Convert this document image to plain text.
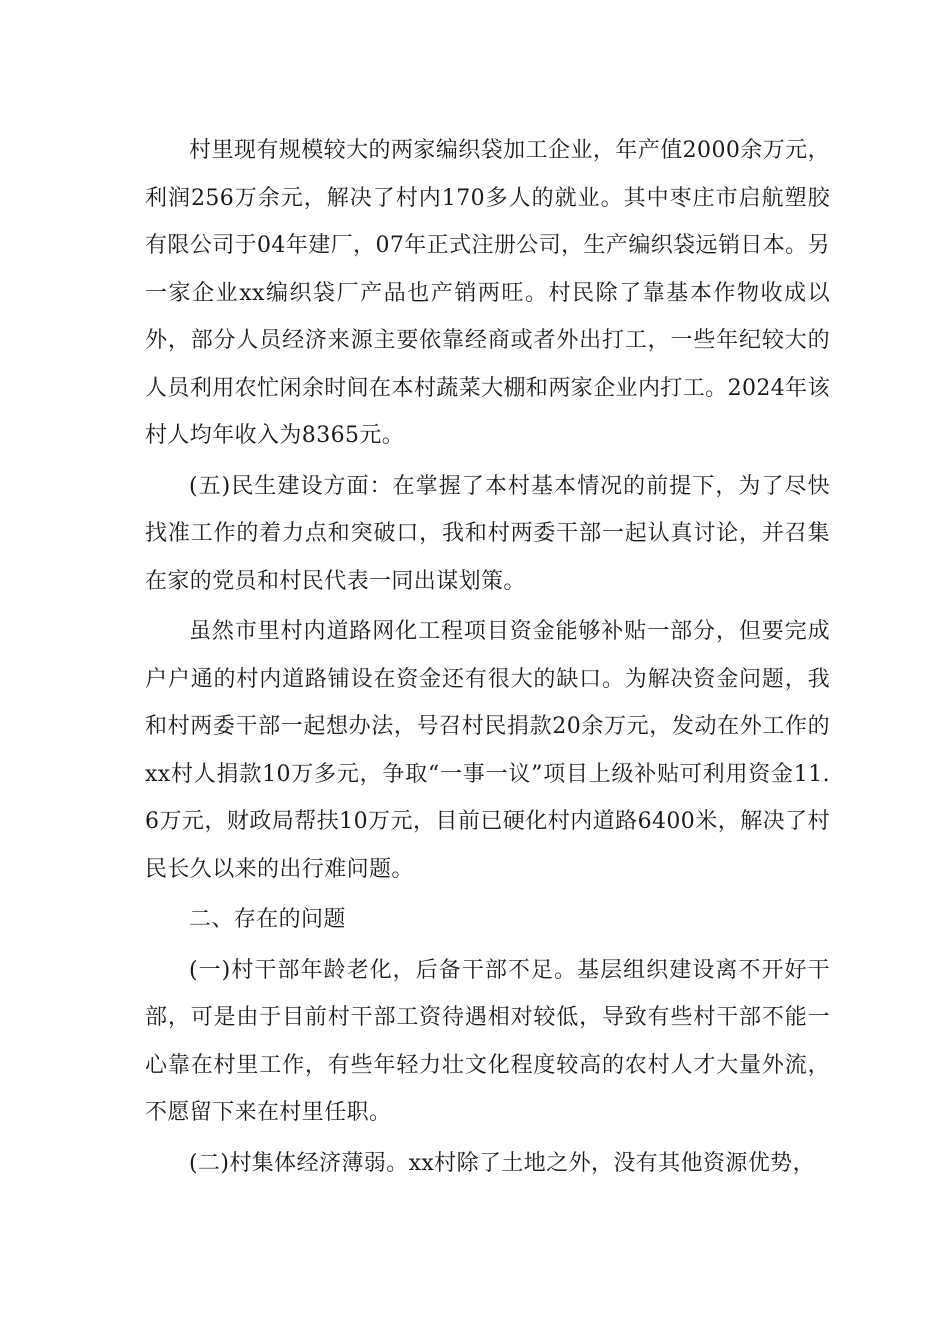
村里现有规模较大的两家编织袋加工企业，年产值2000余万元，利润256万余元，解决了村内170多人的就业。其中枣庄市启航塑胶有限公司于04年建厂，07年正式注册公司，生产编织袋远销日本。另一家企业xx编织袋厂产品也产销两旺。村民除了靠基本作物收成以外，部分人员经济来源主要依靠经商或者外出打工，一些年纪较大的人员利用农忙闲余时间在本村蔬菜大棚和两家企业内打工。2024年该村人均年收入为8365元。

(五)民生建设方面：在掌握了本村基本情况的前提下，为了尽快找准工作的着力点和突破口，我和村两委干部一起认真讨论，并召集在家的党员和村民代表一同出谋划策。

虽然市里村内道路网化工程项目资金能够补贴一部分，但要完成户户通的村内道路铺设在资金还有很大的缺口。为解决资金问题，我和村两委干部一起想办法，号召村民捐款20余万元，发动在外工作的xx村人捐款10万多元，争取“一事一议”项目上级补贴可利用资金11.6万元，财政局帮扶10万元，目前已硬化村内道路6400米，解决了村民长久以来的出行难问题。

二、存在的问题

(一)村干部年龄老化，后备干部不足。基层组织建设离不开好干部，可是由于目前村干部工资待遇相对较低，导致有些村干部不能一心靠在村里工作，有些年轻力壮文化程度较高的农村人才大量外流，不愿留下来在村里任职。

(二)村集体经济薄弱。xx村除了土地之外，没有其他资源优势，
